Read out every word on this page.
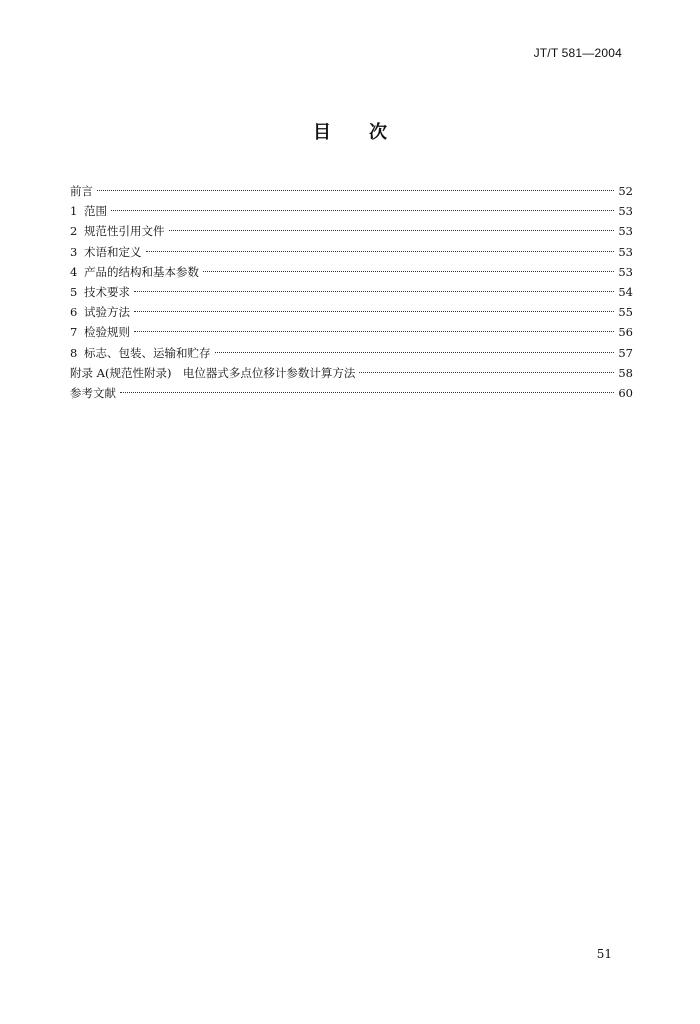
JT/T 581—2004
目 次
前言	52
1 范围	53
2 规范性引用文件	53
3 术语和定义	53
4 产品的结构和基本参数	53
5 技术要求	54
6 试验方法	55
7 检验规则	56
8 标志、包装、运输和贮存	57
附录 A(规范性附录)　电位器式多点位移计参数计算方法	58
参考文献	60
51
